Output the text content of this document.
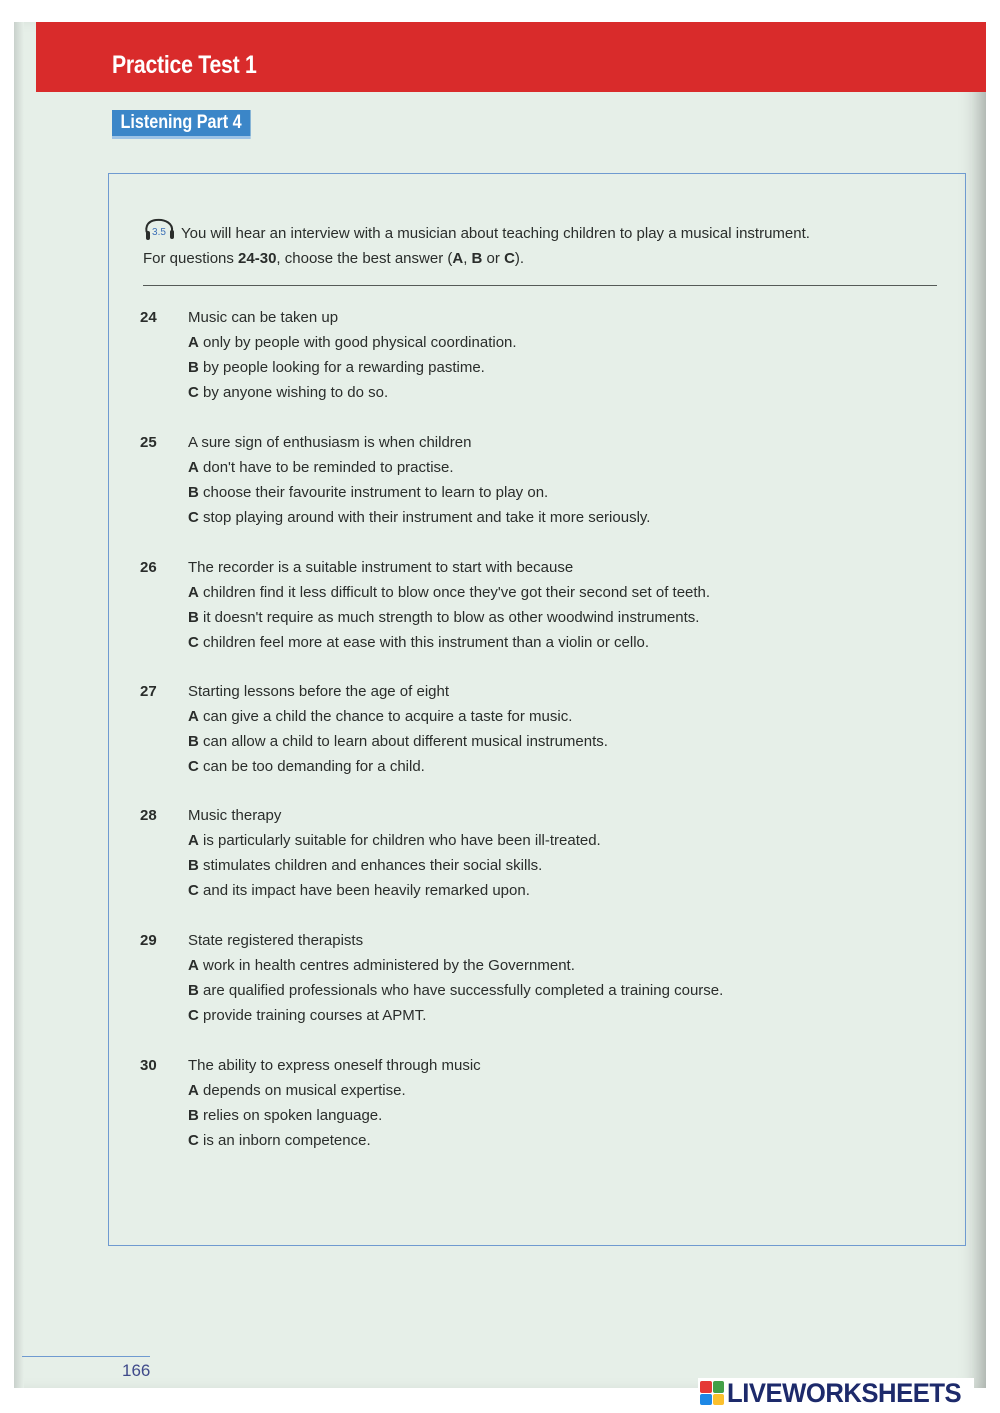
Practice Test 1
Listening Part 4
3.5 You will hear an interview with a musician about teaching children to play a musical instrument.
For questions 24-30, choose the best answer (A, B or C).
24 Music can be taken up
A only by people with good physical coordination.
B by people looking for a rewarding pastime.
C by anyone wishing to do so.
25 A sure sign of enthusiasm is when children
A don't have to be reminded to practise.
B choose their favourite instrument to learn to play on.
C stop playing around with their instrument and take it more seriously.
26 The recorder is a suitable instrument to start with because
A children find it less difficult to blow once they've got their second set of teeth.
B it doesn't require as much strength to blow as other woodwind instruments.
C children feel more at ease with this instrument than a violin or cello.
27 Starting lessons before the age of eight
A can give a child the chance to acquire a taste for music.
B can allow a child to learn about different musical instruments.
C can be too demanding for a child.
28 Music therapy
A is particularly suitable for children who have been ill-treated.
B stimulates children and enhances their social skills.
C and its impact have been heavily remarked upon.
29 State registered therapists
A work in health centres administered by the Government.
B are qualified professionals who have successfully completed a training course.
C provide training courses at APMT.
30 The ability to express oneself through music
A depends on musical expertise.
B relies on spoken language.
C is an inborn competence.
166
LIVEWORKSHEETS
